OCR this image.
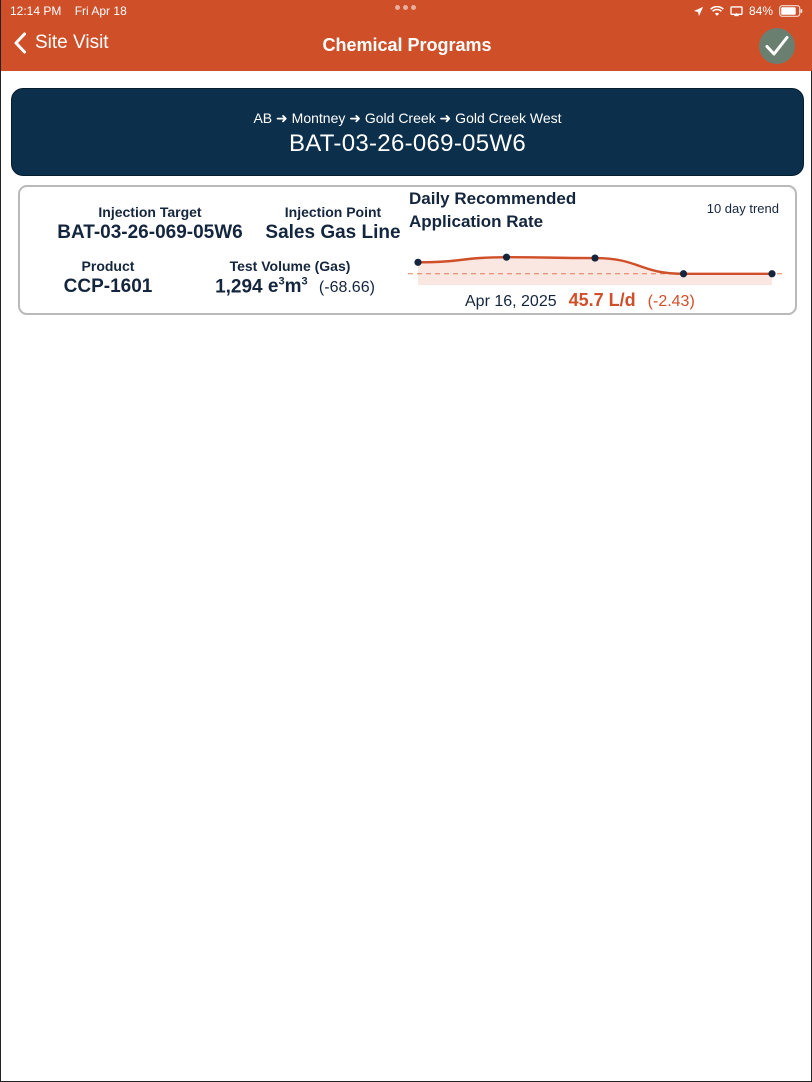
12:14 PM Fri Apr 18	84%
Site Visit	Chemical Programs
AB ➜ Montney ➜ Gold Creek ➜ Gold Creek West
BAT-03-26-069-05W6
Injection Target
BAT-03-26-069-05W6
Injection Point
Sales Gas Line
Product
CCP-1601
Test Volume (Gas)
1,294 $e^3m^3$ (-68.66)
Daily Recommended
Application Rate
10 day trend
Apr 16, 2025 45.7 L/d (-2.43)
